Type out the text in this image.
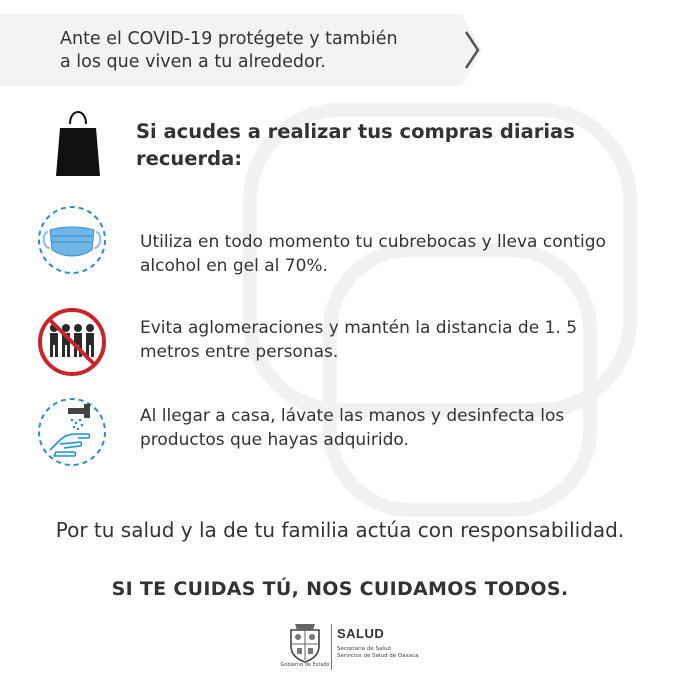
Ante el COVID-19 protégete y también
a los que viven a tu alrededor.
Si acudes a realizar tus compras diarias
recuerda:
Utiliza en todo momento tu cubrebocas y lleva contigo
alcohol en gel al 70%.
Evita aglomeraciones y mantén la distancia de 1. 5
metros entre personas.
Al llegar a casa, lávate las manos y desinfecta los
productos que hayas adquirido.
Por tu salud y la de tu familia actúa con responsabilidad.
SI TE CUIDAS TÚ, NOS CUIDAMOS TODOS.
Gobierno de Estado
SALUD
Secretaría de Salud
Servicios de Salud de Oaxaca
